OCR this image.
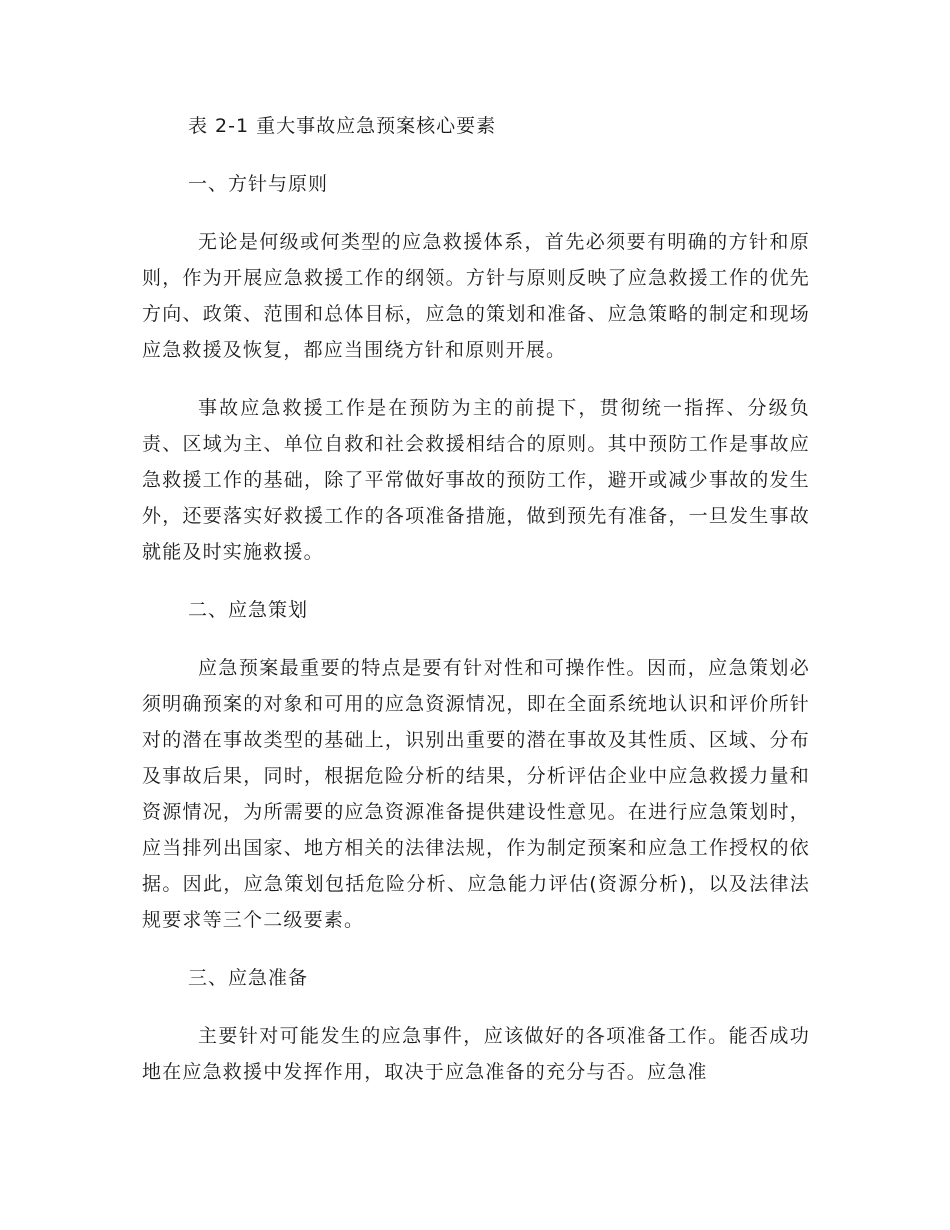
表 2-1 重大事故应急预案核心要素
一、方针与原则

无论是何级或何类型的应急救援体系，首先必须要有明确的方针和原则，作为开展应急救援工作的纲领。方针与原则反映了应急救援工作的优先方向、政策、范围和总体目标，应急的策划和准备、应急策略的制定和现场应急救援及恢复，都应当围绕方针和原则开展。

事故应急救援工作是在预防为主的前提下，贯彻统一指挥、分级负责、区域为主、单位自救和社会救援相结合的原则。其中预防工作是事故应急救援工作的基础，除了平常做好事故的预防工作，避开或减少事故的发生外，还要落实好救援工作的各项准备措施，做到预先有准备，一旦发生事故就能及时实施救援。

二、应急策划

应急预案最重要的特点是要有针对性和可操作性。因而，应急策划必须明确预案的对象和可用的应急资源情况，即在全面系统地认识和评价所针对的潜在事故类型的基础上，识别出重要的潜在事故及其性质、区域、分布及事故后果，同时，根据危险分析的结果，分析评估企业中应急救援力量和资源情况，为所需要的应急资源准备提供建设性意见。在进行应急策划时，应当排列出国家、地方相关的法律法规，作为制定预案和应急工作授权的依据。因此，应急策划包括危险分析、应急能力评估(资源分析)，以及法律法规要求等三个二级要素。

三、应急准备

主要针对可能发生的应急事件，应该做好的各项准备工作。能否成功地在应急救援中发挥作用，取决于应急准备的充分与否。应急准
